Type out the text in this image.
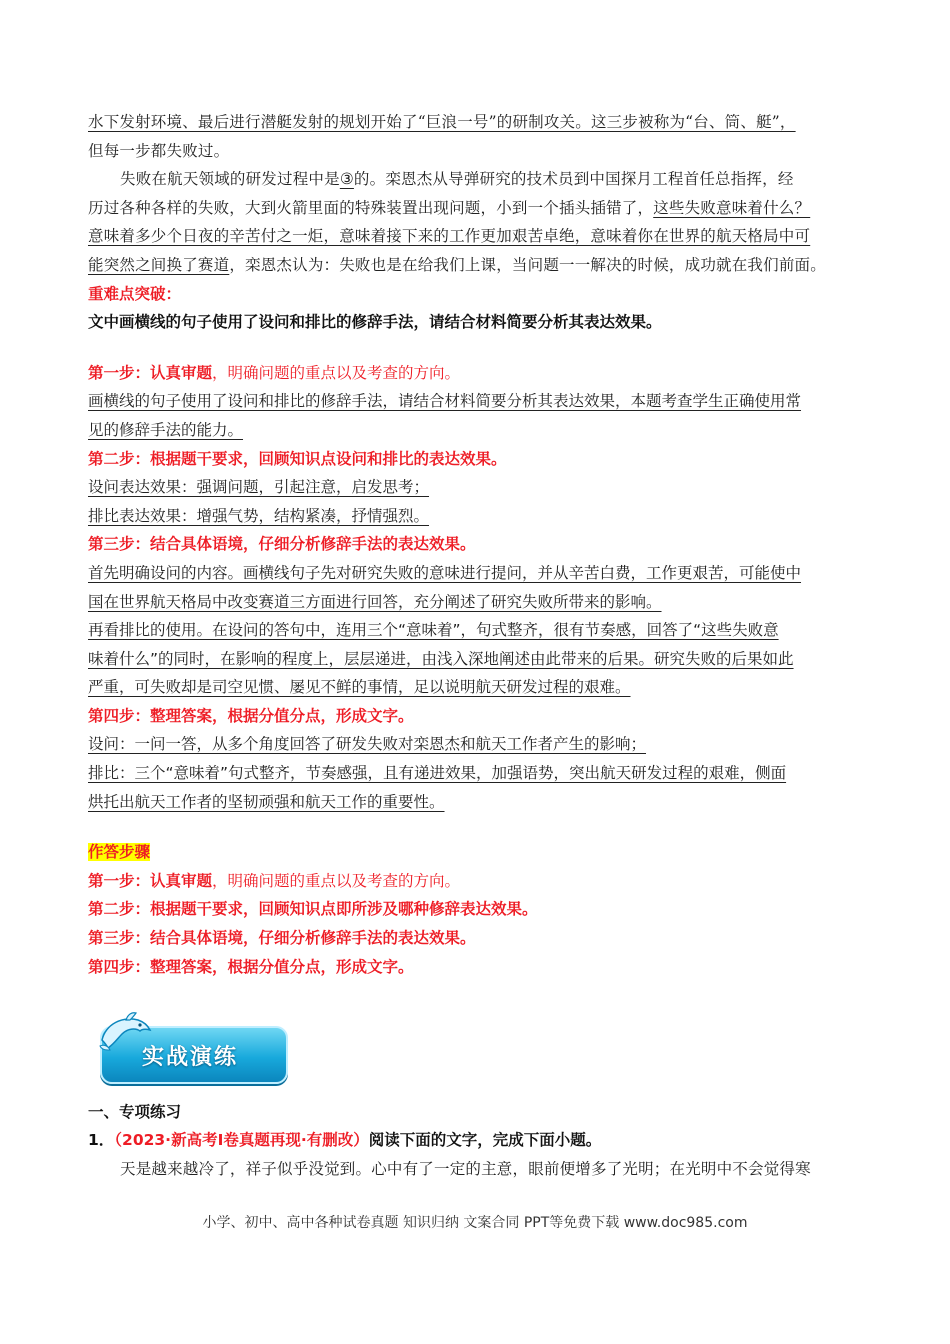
水下发射环境、最后进行潜艇发射的规划开始了“巨浪一号”的研制攻关。这三步被称为“台、筒、艇”，
但每一步都失败过。
失败在航天领域的研发过程中是③的。栾恩杰从导弹研究的技术员到中国探月工程首任总指挥，经
历过各种各样的失败，大到火箭里面的特殊装置出现问题，小到一个插头插错了，这些失败意味着什么？
意味着多少个日夜的辛苦付之一炬，意味着接下来的工作更加艰苦卓绝，意味着你在世界的航天格局中可
能突然之间换了赛道，栾恩杰认为：失败也是在给我们上课，当问题一一解决的时候，成功就在我们前面。
重难点突破：
文中画横线的句子使用了设问和排比的修辞手法，请结合材料简要分析其表达效果。
第一步：认真审题，明确问题的重点以及考查的方向。
画横线的句子使用了设问和排比的修辞手法，请结合材料简要分析其表达效果，本题考查学生正确使用常
见的修辞手法的能力。
第二步：根据题干要求，回顾知识点设问和排比的表达效果。
设问表达效果：强调问题，引起注意，启发思考；
排比表达效果：增强气势，结构紧凑，抒情强烈。
第三步：结合具体语境，仔细分析修辞手法的表达效果。
首先明确设问的内容。画横线句子先对研究失败的意味进行提问，并从辛苦白费，工作更艰苦，可能使中
国在世界航天格局中改变赛道三方面进行回答，充分阐述了研究失败所带来的影响。
再看排比的使用。在设问的答句中，连用三个“意味着”，句式整齐，很有节奏感，回答了“这些失败意
味着什么”的同时，在影响的程度上，层层递进，由浅入深地阐述由此带来的后果。研究失败的后果如此
严重，可失败却是司空见惯、屡见不鲜的事情，足以说明航天研发过程的艰难。
第四步：整理答案，根据分值分点，形成文字。
设问：一问一答，从多个角度回答了研发失败对栾恩杰和航天工作者产生的影响；
排比：三个“意味着”句式整齐，节奏感强，且有递进效果，加强语势，突出航天研发过程的艰难，侧面
烘托出航天工作者的坚韧顽强和航天工作的重要性。
作答步骤
第一步：认真审题，明确问题的重点以及考查的方向。
第二步：根据题干要求，回顾知识点即所涉及哪种修辞表达效果。
第三步：结合具体语境，仔细分析修辞手法的表达效果。
第四步：整理答案，根据分值分点，形成文字。
实战演练
一、专项练习
1．（2023·新高考Ⅰ卷真题再现·有删改）阅读下面的文字，完成下面小题。
天是越来越冷了，祥子似乎没觉到。心中有了一定的主意，眼前便增多了光明；在光明中不会觉得寒
小学、初中、高中各种试卷真题 知识归纳 文案合同 PPT等免费下载 www.doc985.com
